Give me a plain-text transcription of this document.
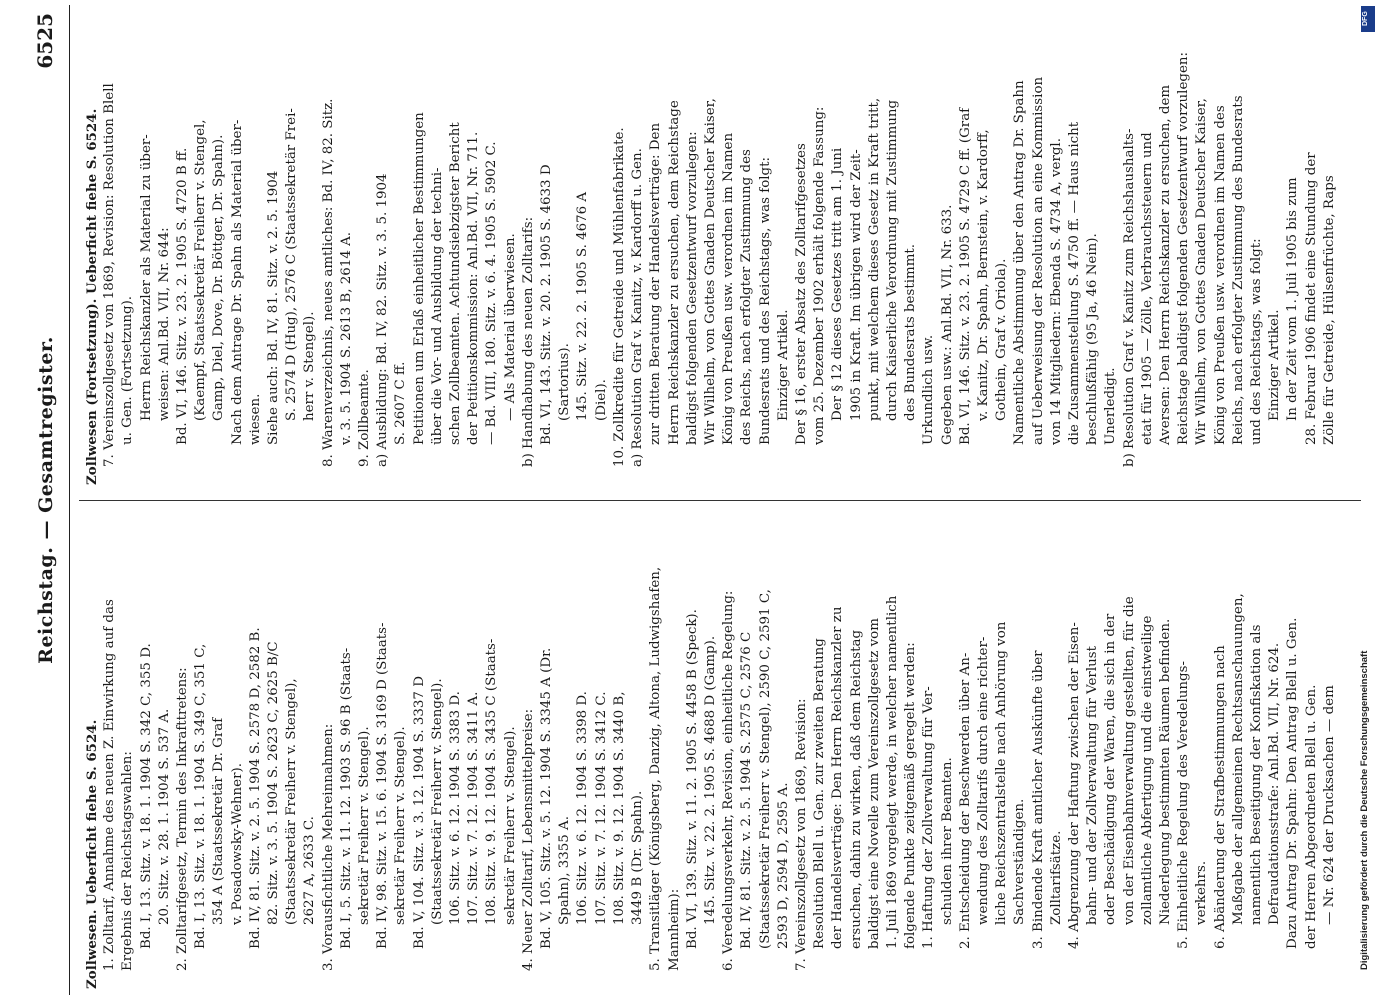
Reichstag. — Gesamtregister.
6525
Zollwesen. Ueberficht fiehe S. 6524. 1. Zolltarif, Annahme des neuen Z. Einwirkung auf das Ergebnis der Reichstagswahlen: Bd. I, 13. Sitz. v. 18. 1. 1904 S. 342 C, 355 D. 20. Sitz. v. 28. 1. 1904 S. 537 A. 2. Zolltarifgesetz, Termin des Inkrafttretens: Bd. I, 13. Sitz. v. 18. 1. 1904 S. 349 C, 351 C, 354 A (Staatssekretär Dr. Graf v. Posadowsky-Wehner). Bd. IV, 81. Sitz. v. 2. 5. 1904 S. 2578 D, 2582 B. 82. Sitz. v. 3. 5. 1904 S. 2623 C, 2625 B/C (Staatssekretär Freiherr v. Stengel), 2627 A, 2633 C. 3. Vorausfichtliche Mehreinnahmen: Bd. I, 5. Sitz. v. 11. 12. 1903 S. 96 B (Staats- sekretär Freiherr v. Stengel). Bd. IV, 98. Sitz. v. 15. 6. 1904 S. 3169 D (Staats- sekretär Freiherr v. Stengel). Bd. V, 104. Sitz. v. 3. 12. 1904 S. 3337 D (Staatssekretär Freiherr v. Stengel). 106. Sitz. v. 6. 12. 1904 S. 3383 D. 107. Sitz. v. 7. 12. 1904 S. 3411 A. 108. Sitz. v. 9. 12. 1904 S. 3435 C (Staats- sekretär Freiherr v. Stengel). 4. Neuer Zolltarif, Lebensmittelpreise: Bd. V, 105. Sitz. v. 5. 12. 1904 S. 3345 A (Dr. Spahn), 3355 A. 106. Sitz. v. 6. 12. 1904 S. 3398 D. 107. Sitz. v. 7. 12. 1904 S. 3412 C. 108. Sitz. v. 9. 12. 1904 S. 3440 B, 3449 B (Dr. Spahn). 5. Transitläger (Königsberg, Danzig, Altona, Ludwigshafen, Mannheim): Bd. VI, 139. Sitz. v. 11. 2. 1905 S. 4458 B (Speck). 145. Sitz. v. 22. 2. 1905 S. 4688 D (Gamp). 6. Veredelungsverkehr, Revision, einheitliche Regelung: Bd. IV, 81. Sitz. v. 2. 5. 1904 S. 2575 C, 2576 C (Staatssekretär Freiherr v. Stengel), 2590 C, 2591 C, 2593 D, 2594 D, 2595 A. 7. Vereinszollgesetz von 1869, Revision: Resolution Blell u. Gen. zur zweiten Beratung der Handelsverträge: Den Herrn Reichskanzler zu ersuchen, dahin zu wirken, daß dem Reichstag baldigst eine Novelle zum Vereinszollgesetz vom 1. Juli 1869 vorgelegt werde, in welcher namentlich folgende Punkte zeitgemäß geregelt werden: 1. Haftung der Zollverwaltung für Ver- schulden ihrer Beamten. 2. Entscheidung der Beschwerden über An- wendung des Zolltarifs durch eine richter- liche Reichszentralstelle nach Anhörung von Sachverständigen. 3. Bindende Kraft amtlicher Auskünfte über Zolltarifsätze. 4. Abgrenzung der Haftung zwischen der Eisen- bahn- und der Zollverwaltung für Verlust oder Beschädigung der Waren, die sich in der von der Eisenbahnverwaltung gestellten, für die zollamtliche Abfertigung und die einstweilige Niederlegung bestimmten Räumen befinden. 5. Einheitliche Regelung des Veredelungs- verkehrs. 6. Abänderung der Strafbestimmungen nach Maßgabe der allgemeinen Rechtsanschauungen, namentlich Beseitigung der Konfiskation als Defraudationsstrafe: Anl.Bd. VII, Nr. 624. Dazu Antrag Dr. Spahn: Den Antrag Blell u. Gen. der Herren Abgeordneten Blell u. Gen. — Nr. 624 der Drucksachen — dem
Zollwesen (Fortsetzung). Ueberficht fiehe S. 6524. 7. Vereinszollgesetz von 1869, Revision: Resolution Blell u. Gen. (Fortsetzung). Herrn Reichskanzler als Material zu über- weisen: Anl.Bd. VII, Nr. 644: Bd. VI, 146. Sitz. v. 23. 2. 1905 S. 4720 B ff. (Kaempf, Staatssekretär Freiherr v. Stengel, Gamp, Diel, Dove, Dr. Böttger, Dr. Spahn). Nach dem Antrage Dr. Spahn als Material über- wiesen. Siehe auch: Bd. IV, 81. Sitz. v. 2. 5. 1904 S. 2574 D (Hug), 2576 C (Staatssekretär Frei- herr v. Stengel). 8. Warenverzeichnis, neues amtliches: Bd. IV, 82. Sitz. v. 3. 5. 1904 S. 2613 B, 2614 A. 9. Zollbeamte. a) Ausbildung: Bd. IV, 82. Sitz. v. 3. 5. 1904 S. 2607 C ff. Petitionen um Erlaß einheitlicher Bestimmungen über die Vor- und Ausbildung der techni- schen Zollbeamten. Achtundsiebzigster Bericht der Petitionskommission: Anl.Bd. VII, Nr. 711. — Bd. VIII, 180. Sitz. v. 6. 4. 1905 S. 5902 C. — Als Material überwiesen. b) Handhabung des neuen Zolltarifs: Bd. VI, 143. Sitz. v. 20. 2. 1905 S. 4633 D (Sartorius). 145. Sitz. v. 22. 2. 1905 S. 4676 A (Diel). 10. Zollkredite für Getreide und Mühlenfabrikate. a) Resolution Graf v. Kanitz, v. Kardorff u. Gen. zur dritten Beratung der Handelsverträge: Den Herrn Reichskanzler zu ersuchen, dem Reichstage baldigst folgenden Gesetzentwurf vorzulegen: Wir Wilhelm, von Gottes Gnaden Deutscher Kaiser, König von Preußen usw. verordnen im Namen des Reichs, nach erfolgter Zustimmung des Bundesrats und des Reichstags, was folgt: Einziger Artikel. Der § 16, erster Absatz des Zolltarifgesetzes vom 25. Dezember 1902 erhält folgende Fassung: Der § 12 dieses Gesetzes tritt am 1. Juni 1905 in Kraft. Im übrigen wird der Zeit- punkt, mit welchem dieses Gesetz in Kraft tritt, durch Kaiserliche Verordnung mit Zustimmung des Bundesrats bestimmt. Urkundlich usw. Gegeben usw.: Anl.Bd. VII, Nr. 633. Bd. VI, 146. Sitz. v. 23. 2. 1905 S. 4729 C ff. (Graf v. Kanitz, Dr. Spahn, Bernstein, v. Kardorff, Gothein, Graf v. Oriola). Namentliche Abstimmung über den Antrag Dr. Spahn auf Ueberweisung der Resolution an eine Kommission von 14 Mitgliedern: Ebenda S. 4734 A, vergl. die Zusammenstellung S. 4750 ff. — Haus nicht beschlußfähig (95 Ja, 46 Nein). Unerledigt. b) Resolution Graf v. Kanitz zum Reichshaushalts- etat für 1905 — Zölle, Verbrauchssteuern und Aversen: Den Herrn Reichskanzler zu ersuchen, dem Reichstage baldigst folgenden Gesetzentwurf vorzulegen: Wir Wilhelm, von Gottes Gnaden Deutscher Kaiser, König von Preußen usw. verordnen im Namen des Reichs, nach erfolgter Zustimmung des Bundesrats und des Reichstags, was folgt: Einziger Artikel. In der Zeit vom 1. Juli 1905 bis zum 28. Februar 1906 findet eine Stundung der Zölle für Getreide, Hülsenfrüchte, Raps
DFG
Digitalisierung gefördert durch die Deutsche Forschungsgemeinschaft
